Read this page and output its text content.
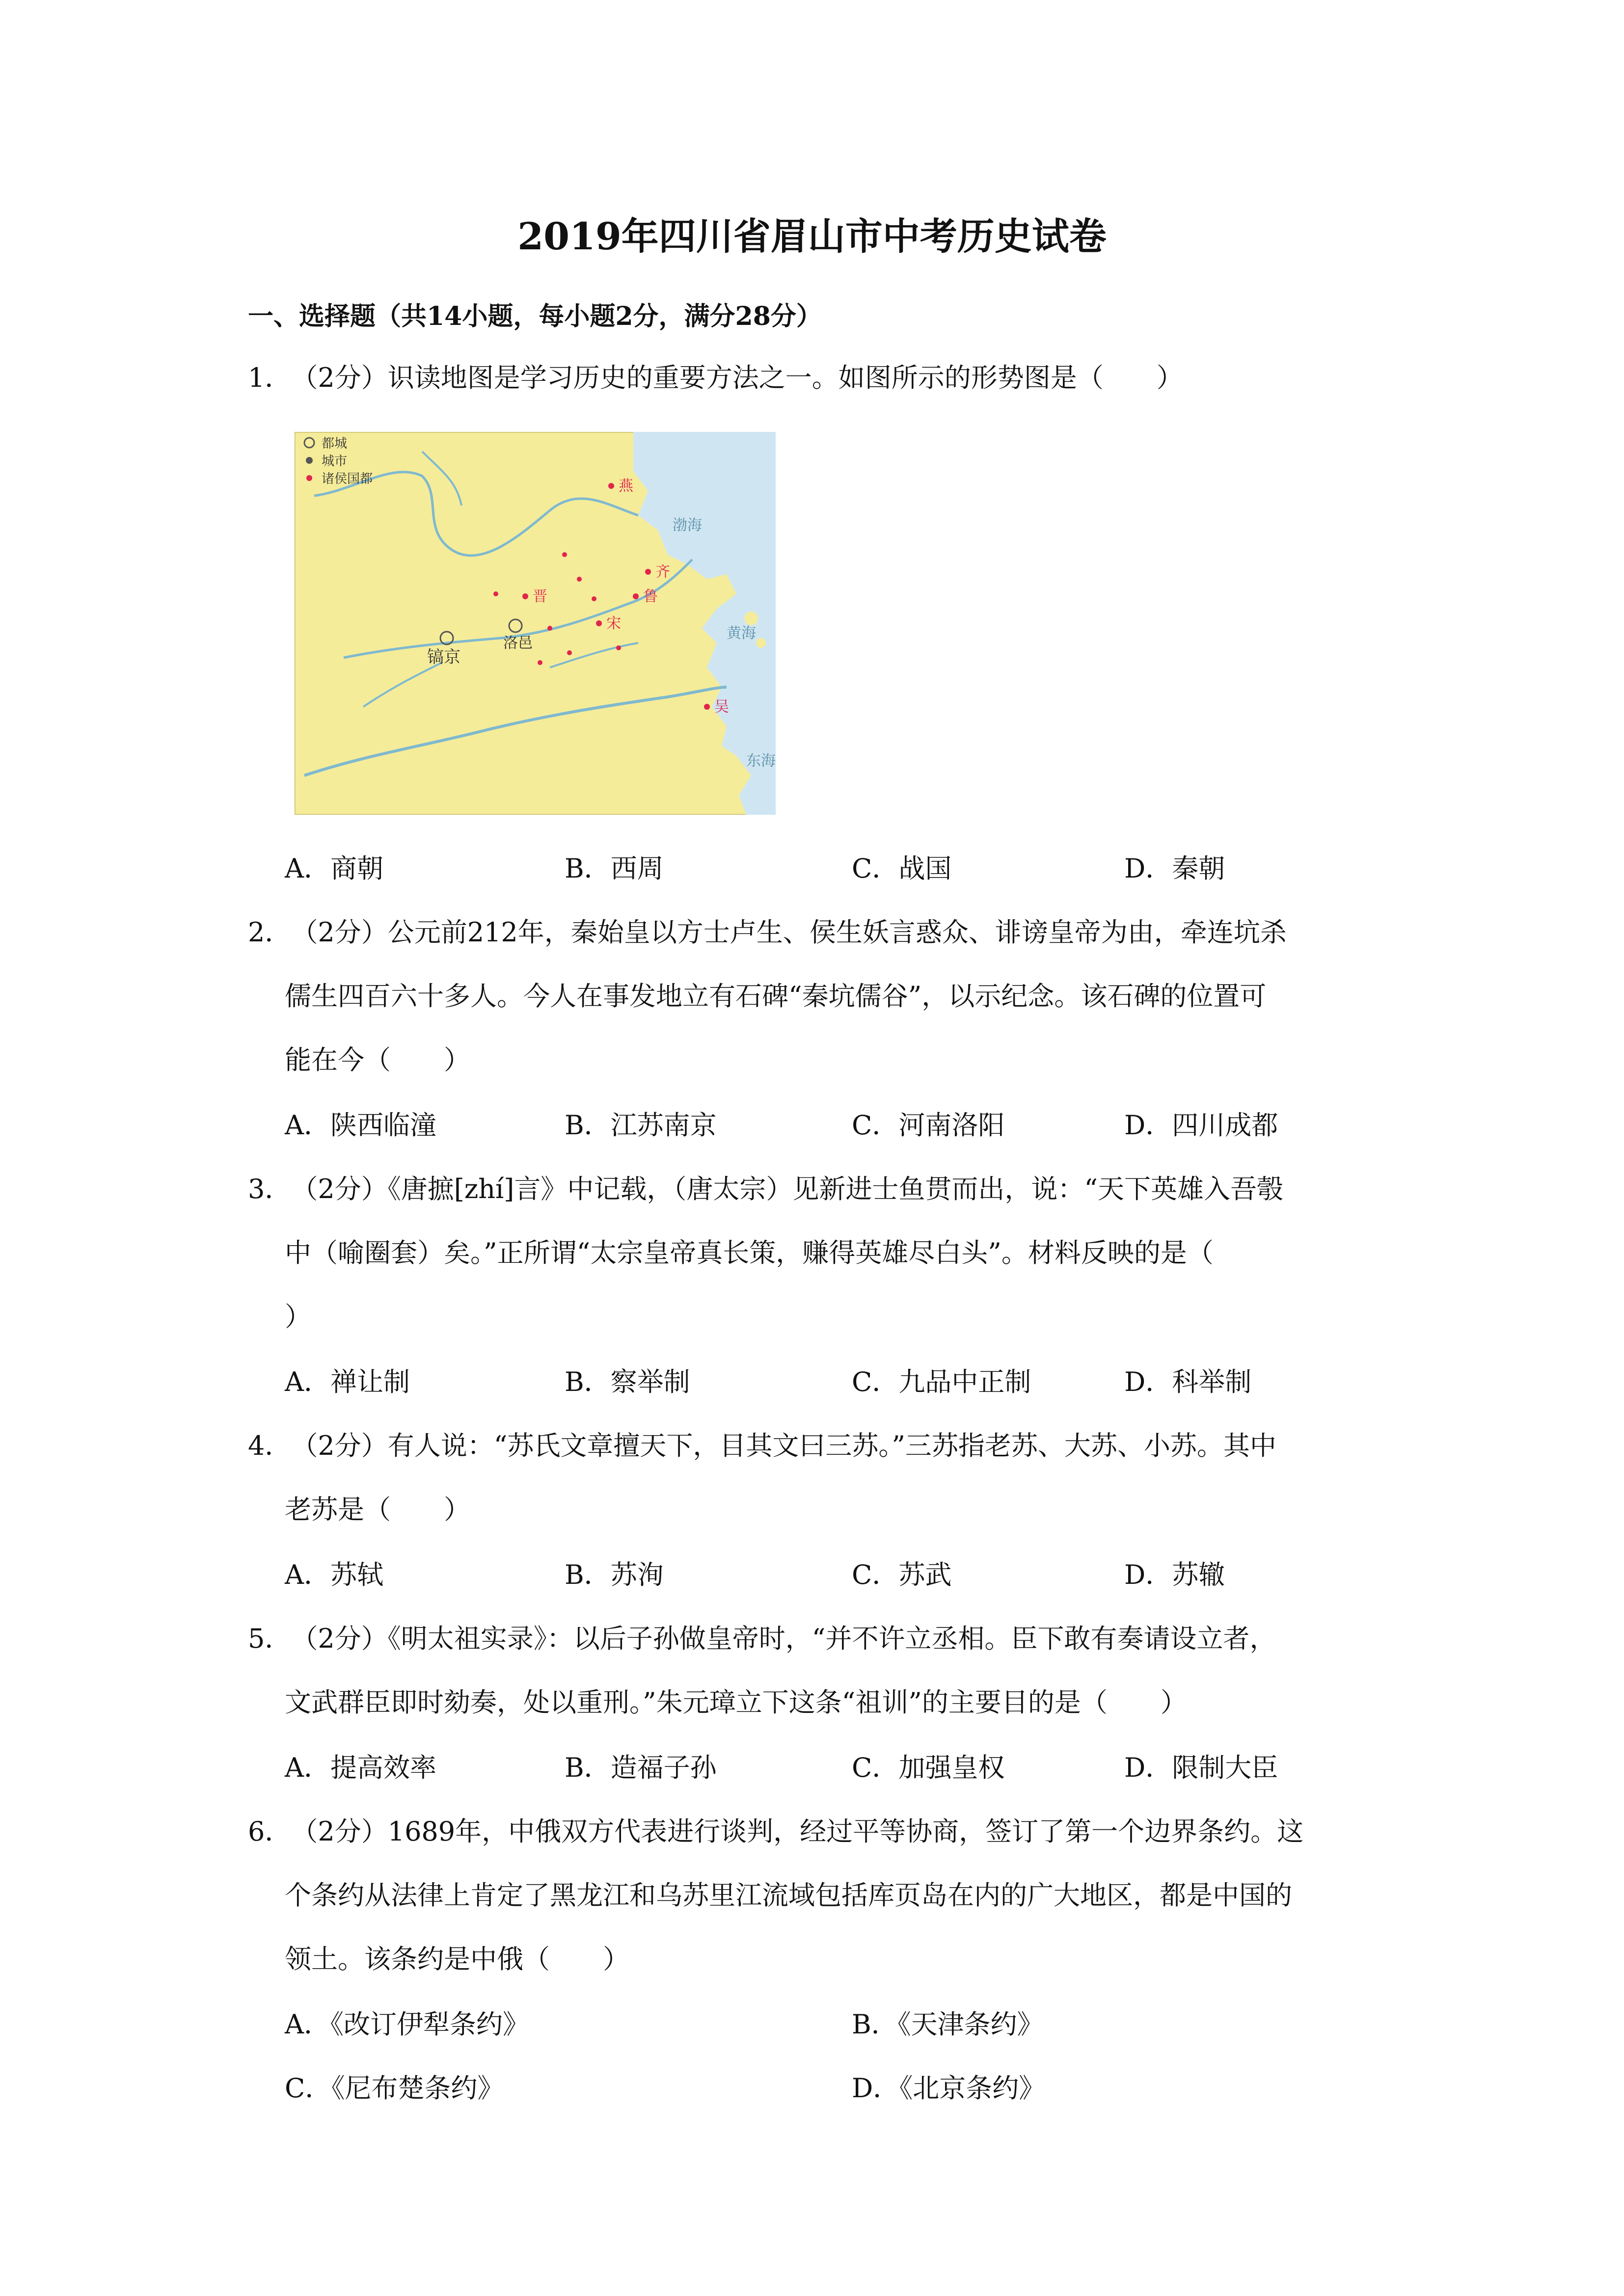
2019年四川省眉山市中考历史试卷
一、选择题（共14小题，每小题2分，满分28分）
1．（2分）识读地图是学习历史的重要方法之一。如图所示的形势图是（　　）
都城
城市
诸侯国都
镐京
洛邑
燕
齐
鲁
晋
宋
吴
渤海
黄海
东海
A．商朝	B．西周	C．战国	D．秦朝
2．（2分）公元前212年，秦始皇以方士卢生、侯生妖言惑众、诽谤皇帝为由，牵连坑杀
儒生四百六十多人。今人在事发地立有石碑“秦坑儒谷”，以示纪念。该石碑的位置可
能在今（　　）
A．陕西临潼	B．江苏南京	C．河南洛阳	D．四川成都
3．（2分）《唐摭[zhí]言》中记载，（唐太宗）见新进士鱼贯而出，说：“天下英雄入吾彀
中（喻圈套）矣。”正所谓“太宗皇帝真长策，赚得英雄尽白头”。材料反映的是（
）
A．禅让制	B．察举制	C．九品中正制	D．科举制
4．（2分）有人说：“苏氏文章擅天下，目其文曰三苏。”三苏指老苏、大苏、小苏。其中
老苏是（　　）
A．苏轼	B．苏洵	C．苏武	D．苏辙
5．（2分）《明太祖实录》：以后子孙做皇帝时，“并不许立丞相。臣下敢有奏请设立者，
文武群臣即时劾奏，处以重刑。”朱元璋立下这条“祖训”的主要目的是（　　）
A．提高效率	B．造福子孙	C．加强皇权	D．限制大臣
6．（2分）1689年，中俄双方代表进行谈判，经过平等协商，签订了第一个边界条约。这
个条约从法律上肯定了黑龙江和乌苏里江流域包括库页岛在内的广大地区，都是中国的
领土。该条约是中俄（　　）
A．《改订伊犁条约》	B．《天津条约》
C．《尼布楚条约》	D．《北京条约》
